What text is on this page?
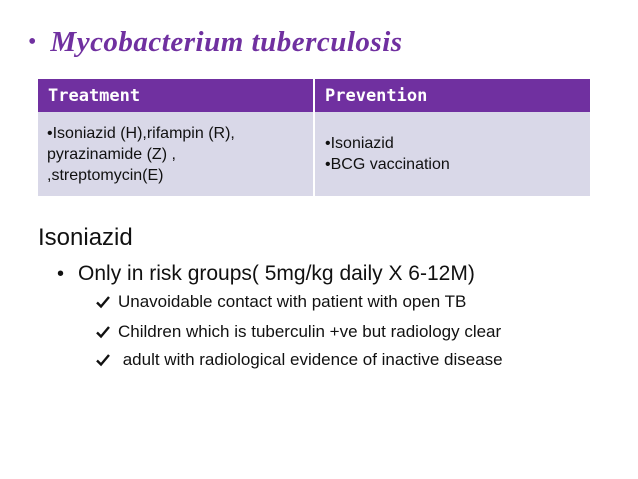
• Mycobacterium tuberculosis
Treatment	Prevention

•Isoniazid (H),rifampin (R),
pyrazinamide (Z) ,
,streptomycin(E)	•Isoniazid
•BCG vaccination
Isoniazid
• Only in risk groups( 5mg/kg daily X 6-12M)
Unavoidable contact with patient with open TB
Children which is tuberculin +ve but radiology clear
adult with radiological evidence of inactive disease
